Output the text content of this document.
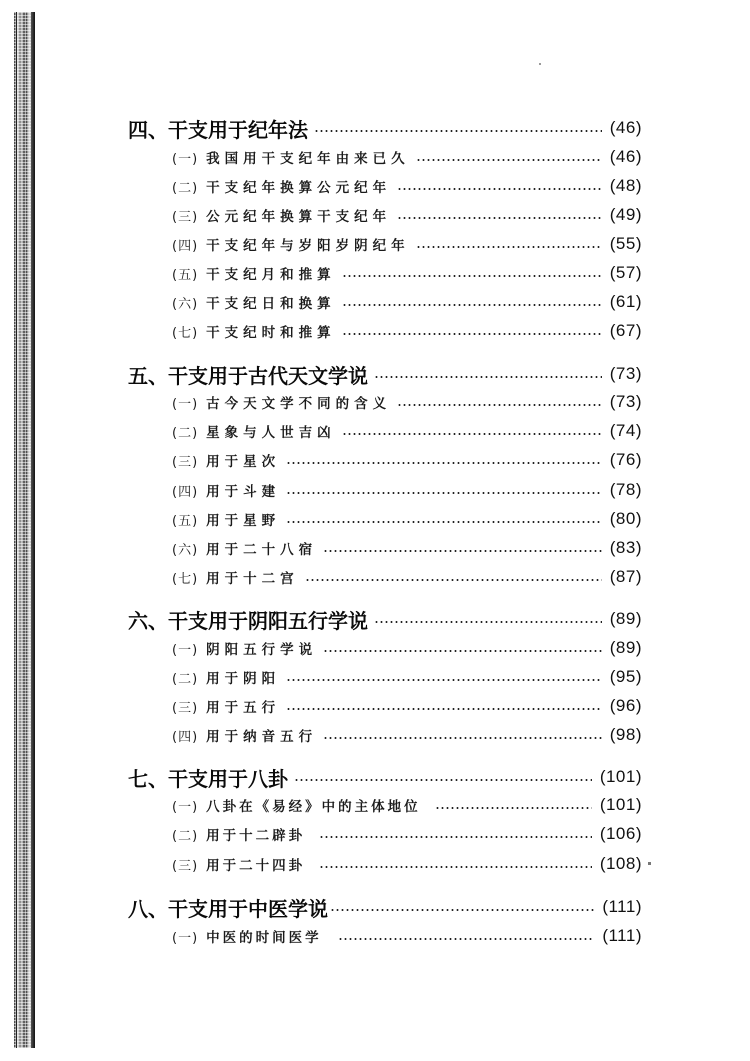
四、干支用于纪年法	(46)
(一) 我国用干支纪年由来已久	(46)
(二) 干支纪年换算公元纪年	(48)
(三) 公元纪年换算干支纪年	(49)
(四) 干支纪年与岁阳岁阴纪年	(55)
(五) 干支纪月和推算	(57)
(六) 干支纪日和换算	(61)
(七) 干支纪时和推算	(67)
五、干支用于古代天文学说	(73)
(一) 古今天文学不同的含义	(73)
(二) 星象与人世吉凶	(74)
(三) 用于星次	(76)
(四) 用于斗建	(78)
(五) 用于星野	(80)
(六) 用于二十八宿	(83)
(七) 用于十二宫	(87)
六、干支用于阴阳五行学说	(89)
(一) 阴阳五行学说	(89)
(二) 用于阴阳	(95)
(三) 用于五行	(96)
(四) 用于纳音五行	(98)
七、干支用于八卦	(101)
(一) 八卦在《易经》中的主体地位	(101)
(二) 用于十二辟卦	(106)
(三) 用于二十四卦	(108)
八、干支用于中医学说	(111)
(一) 中医的时间医学	(111)
